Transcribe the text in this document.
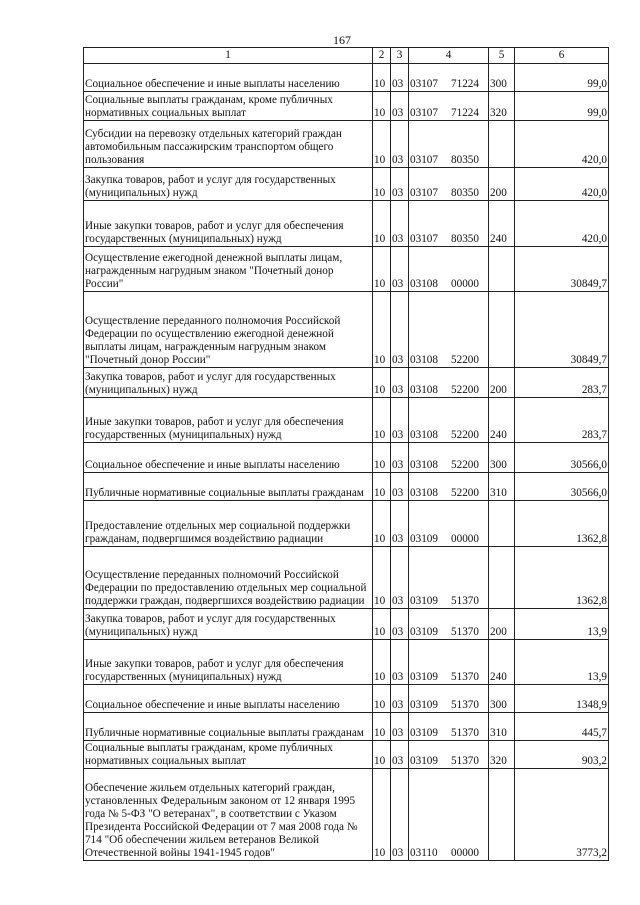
167
1	2	3	4	5	6
Социальное обеспечение и иные выплаты населению	10	03	03107 71224	300	99,0
Социальные выплаты гражданам, кроме публичных нормативных социальных выплат	10	03	03107 71224	320	99,0
Субсидии на перевозку отдельных категорий граждан автомобильным пассажирским транспортом общего пользования	10	03	03107 80350		420,0
Закупка товаров, работ и услуг для государственных (муниципальных) нужд	10	03	03107 80350	200	420,0
Иные закупки товаров, работ и услуг для обеспечения государственных (муниципальных) нужд	10	03	03107 80350	240	420,0
Осуществление ежегодной денежной выплаты лицам, награжденным нагрудным знаком "Почетный донор России"	10	03	03108 00000		30849,7
Осуществление переданного полномочия Российской Федерации по осуществлению ежегодной денежной выплаты лицам, награжденным нагрудным знаком "Почетный донор России"	10	03	03108 52200		30849,7
Закупка товаров, работ и услуг для государственных (муниципальных) нужд	10	03	03108 52200	200	283,7
Иные закупки товаров, работ и услуг для обеспечения государственных (муниципальных) нужд	10	03	03108 52200	240	283,7
Социальное обеспечение и иные выплаты населению	10	03	03108 52200	300	30566,0
Публичные нормативные социальные выплаты гражданам	10	03	03108 52200	310	30566,0
Предоставление отдельных мер социальной поддержки гражданам, подвергшимся воздействию радиации	10	03	03109 00000		1362,8
Осуществление переданных полномочий Российской Федерации по предоставлению отдельных мер социальной поддержки граждан, подвергшихся воздействию радиации	10	03	03109 51370		1362,8
Закупка товаров, работ и услуг для государственных (муниципальных) нужд	10	03	03109 51370	200	13,9
Иные закупки товаров, работ и услуг для обеспечения государственных (муниципальных) нужд	10	03	03109 51370	240	13,9
Социальное обеспечение и иные выплаты населению	10	03	03109 51370	300	1348,9
Публичные нормативные социальные выплаты гражданам	10	03	03109 51370	310	445,7
Социальные выплаты гражданам, кроме публичных нормативных социальных выплат	10	03	03109 51370	320	903,2
Обеспечение жильем отдельных категорий граждан, установленных Федеральным законом от 12 января 1995 года № 5-ФЗ "О ветеранах", в соответствии с Указом Президента Российской Федерации от 7 мая 2008 года № 714 "Об обеспечении жильем ветеранов Великой Отечественной войны 1941-1945 годов"	10	03	03110 00000		3773,2
